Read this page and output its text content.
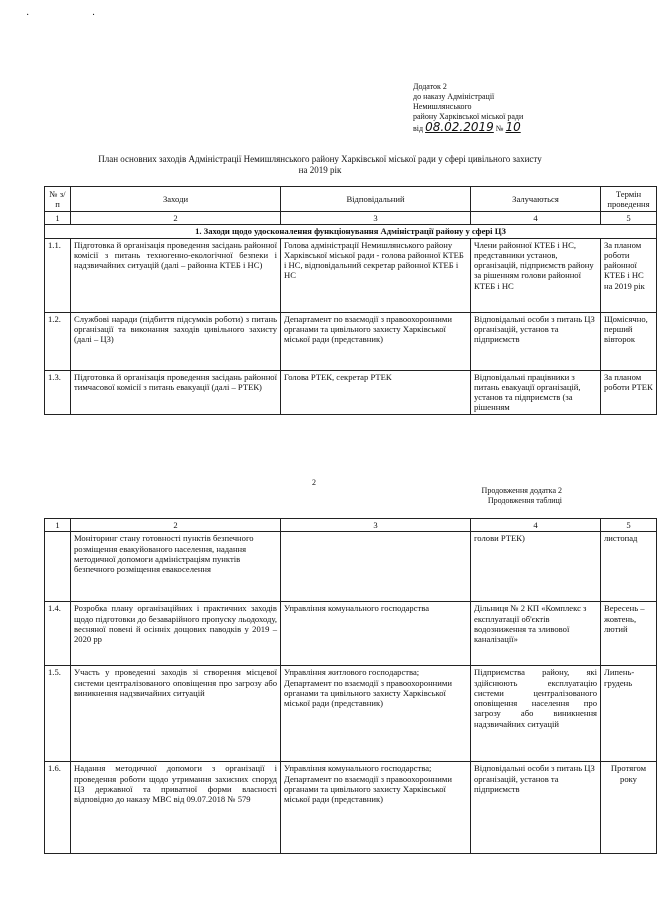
· ·
Додаток 2
до наказу Адміністрації
Немишлянського
району Харківської міської ради
від 08.02.2019 № 10
План основних заходів Адміністрації Немишлянського району Харківської міської ради у сфері цивільного захисту
на 2019 рік
№ з/п	Заходи	Відповідальний	Залучаються	Термін проведення
1	2	3	4	5
1. Заходи щодо удосконалення функціонування Адміністрації району у сфері ЦЗ				
1.1.	Підготовка й організація проведення засідань районної комісії з питань техногенно-екологічної безпеки і надзвичайних ситуацій (далі – районна КТЕБ і НС)	Голова адміністрації Немишлянського району Харківської міської ради - голова районної КТЕБ і НС, відповідальний секретар районної КТЕБ і НС	Члени районної КТЕБ і НС, представники установ, організацій, підприємств району за рішенням голови районної КТЕБ і НС	За планом роботи районної КТЕБ і НС на 2019 рік
1.2.	Службові наради (підбиття підсумків роботи) з питань організації та виконання заходів цивільного захисту (далі – ЦЗ)	Департамент по взаємодії з правоохоронними органами та цивільного захисту Харківської міської ради (представник)	Відповідальні особи з питань ЦЗ організацій, установ та підприємств	Щомісячно, перший вівторок
1.3.	Підготовка й організація проведення засідань районної тимчасової комісії з питань евакуації (далі – РТЕК)	Голова РТЕК, секретар РТЕК	Відповідальні працівники з питань евакуації організацій, установ та підприємств (за рішенням	За планом роботи РТЕК
2
Продовження додатка 2
Продовження таблиці
1	2	3	4	5
	Моніторинг стану готовності пунктів безпечного розміщення евакуйованого населення, надання методичної допомоги адміністраціям пунктів безпечного розміщення евакоселення		голови РТЕК)	листопад
1.4.	Розробка плану організаційних і практичних заходів щодо підготовки до безаварійного пропуску льодоходу, весняної повені й осінніх дощових паводків у 2019 – 2020 рр	Управління комунального господарства	Дільниця № 2 КП «Комплекс з експлуатації об'єктів водозниження та зливової каналізації»	Вересень – жовтень, лютий
1.5.	Участь у проведенні заходів зі створення місцевої системи централізованого оповіщення про загрозу або виникнення надзвичайних ситуацій	Управління житлового господарства; Департамент по взаємодії з правоохоронними органами та цивільного захисту Харківської міської ради (представник)	Підприємства району, які здійснюють експлуатацію системи централізованого оповіщення населення про загрозу або виникнення надзвичайних ситуацій	Липень-грудень
1.6.	Надання методичної допомоги з організації і проведення роботи щодо утримання захисних споруд ЦЗ державної та приватної форми власності відповідно до наказу МВС від 09.07.2018 № 579	Управління комунального господарства; Департамент по взаємодії з правоохоронними органами та цивільного захисту Харківської міської ради (представник)	Відповідальні особи з питань ЦЗ організацій, установ та підприємств	Протягом року
